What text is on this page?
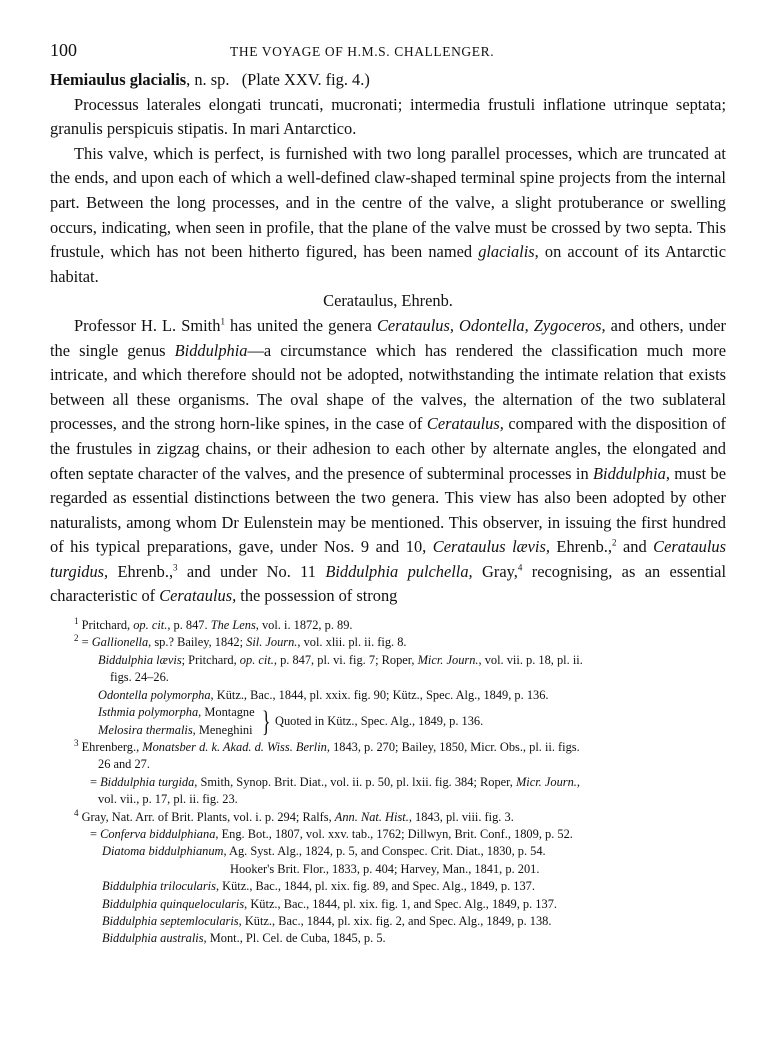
100	THE VOYAGE OF H.M.S. CHALLENGER.

Hemiaulus glacialis, n. sp. (Plate XXV. fig. 4.)

Processus laterales elongati truncati, mucronati; intermedia frustuli inflatione utrinque septata; granulis perspicuis stipatis. In mari Antarctico.

This valve, which is perfect, is furnished with two long parallel processes, which are truncated at the ends, and upon each of which a well-defined claw-shaped terminal spine projects from the internal part. Between the long processes, and in the centre of the valve, a slight protuberance or swelling occurs, indicating, when seen in profile, that the plane of the valve must be crossed by two septa. This frustule, which has not been hitherto figured, has been named glacialis, on account of its Antarctic habitat.

Cerataulus, Ehrenb.

Professor H. L. Smith$^1$ has united the genera Cerataulus, Odontella, Zygoceros, and others, under the single genus Biddulphia—a circumstance which has rendered the classification much more intricate, and which therefore should not be adopted, notwithstanding the intimate relation that exists between all these organisms. The oval shape of the valves, the alternation of the two sublateral processes, and the strong horn-like spines, in the case of Cerataulus, compared with the disposition of the frustules in zigzag chains, or their adhesion to each other by alternate angles, the elongated and often septate character of the valves, and the presence of subterminal processes in Biddulphia, must be regarded as essential distinctions between the two genera. This view has also been adopted by other naturalists, among whom Dr Eulenstein may be mentioned. This observer, in issuing the first hundred of his typical preparations, gave, under Nos. 9 and 10, Cerataulus lævis, Ehrenb.,$^2$ and Cerataulus turgidus, Ehrenb.,$^3$ and under No. 11 Biddulphia pulchella, Gray,$^4$ recognising, as an essential characteristic of Cerataulus, the possession of strong

$^1$ Pritchard, op. cit., p. 847. The Lens, vol. i. 1872, p. 89.
$^2$ = Gallionella, sp.? Bailey, 1842; Sil. Journ., vol. xlii. pl. ii. fig. 8.
Biddulphia lævis; Pritchard, op. cit., p. 847, pl. vi. fig. 7; Roper, Micr. Journ., vol. vii. p. 18, pl. ii.
figs. 24–26.
Odontella polymorpha, Kütz., Bac., 1844, pl. xxix. fig. 90; Kütz., Spec. Alg., 1849, p. 136.
Isthmia polymorpha, Montagne
Melosira thermalis, Meneghini } Quoted in Kütz., Spec. Alg., 1849, p. 136.
$^3$ Ehrenberg., Monatsber d. k. Akad. d. Wiss. Berlin, 1843, p. 270; Bailey, 1850, Micr. Obs., pl. ii. figs.
26 and 27.
= Biddulphia turgida, Smith, Synop. Brit. Diat., vol. ii. p. 50, pl. lxii. fig. 384; Roper, Micr. Journ.,
vol. vii., p. 17, pl. ii. fig. 23.
$^4$ Gray, Nat. Arr. of Brit. Plants, vol. i. p. 294; Ralfs, Ann. Nat. Hist., 1843, pl. viii. fig. 3.
= Conferva biddulphiana, Eng. Bot., 1807, vol. xxv. tab., 1762; Dillwyn, Brit. Conf., 1809, p. 52.
Diatoma biddulphianum, Ag. Syst. Alg., 1824, p. 5, and Conspec. Crit. Diat., 1830, p. 54.
Hooker's Brit. Flor., 1833, p. 404; Harvey, Man., 1841, p. 201.
Biddulphia trilocularis, Kütz., Bac., 1844, pl. xix. fig. 89, and Spec. Alg., 1849, p. 137.
Biddulphia quinquelocularis, Kütz., Bac., 1844, pl. xix. fig. 1, and Spec. Alg., 1849, p. 137.
Biddulphia septemlocularis, Kütz., Bac., 1844, pl. xix. fig. 2, and Spec. Alg., 1849, p. 138.
Biddulphia australis, Mont., Pl. Cel. de Cuba, 1845, p. 5.
